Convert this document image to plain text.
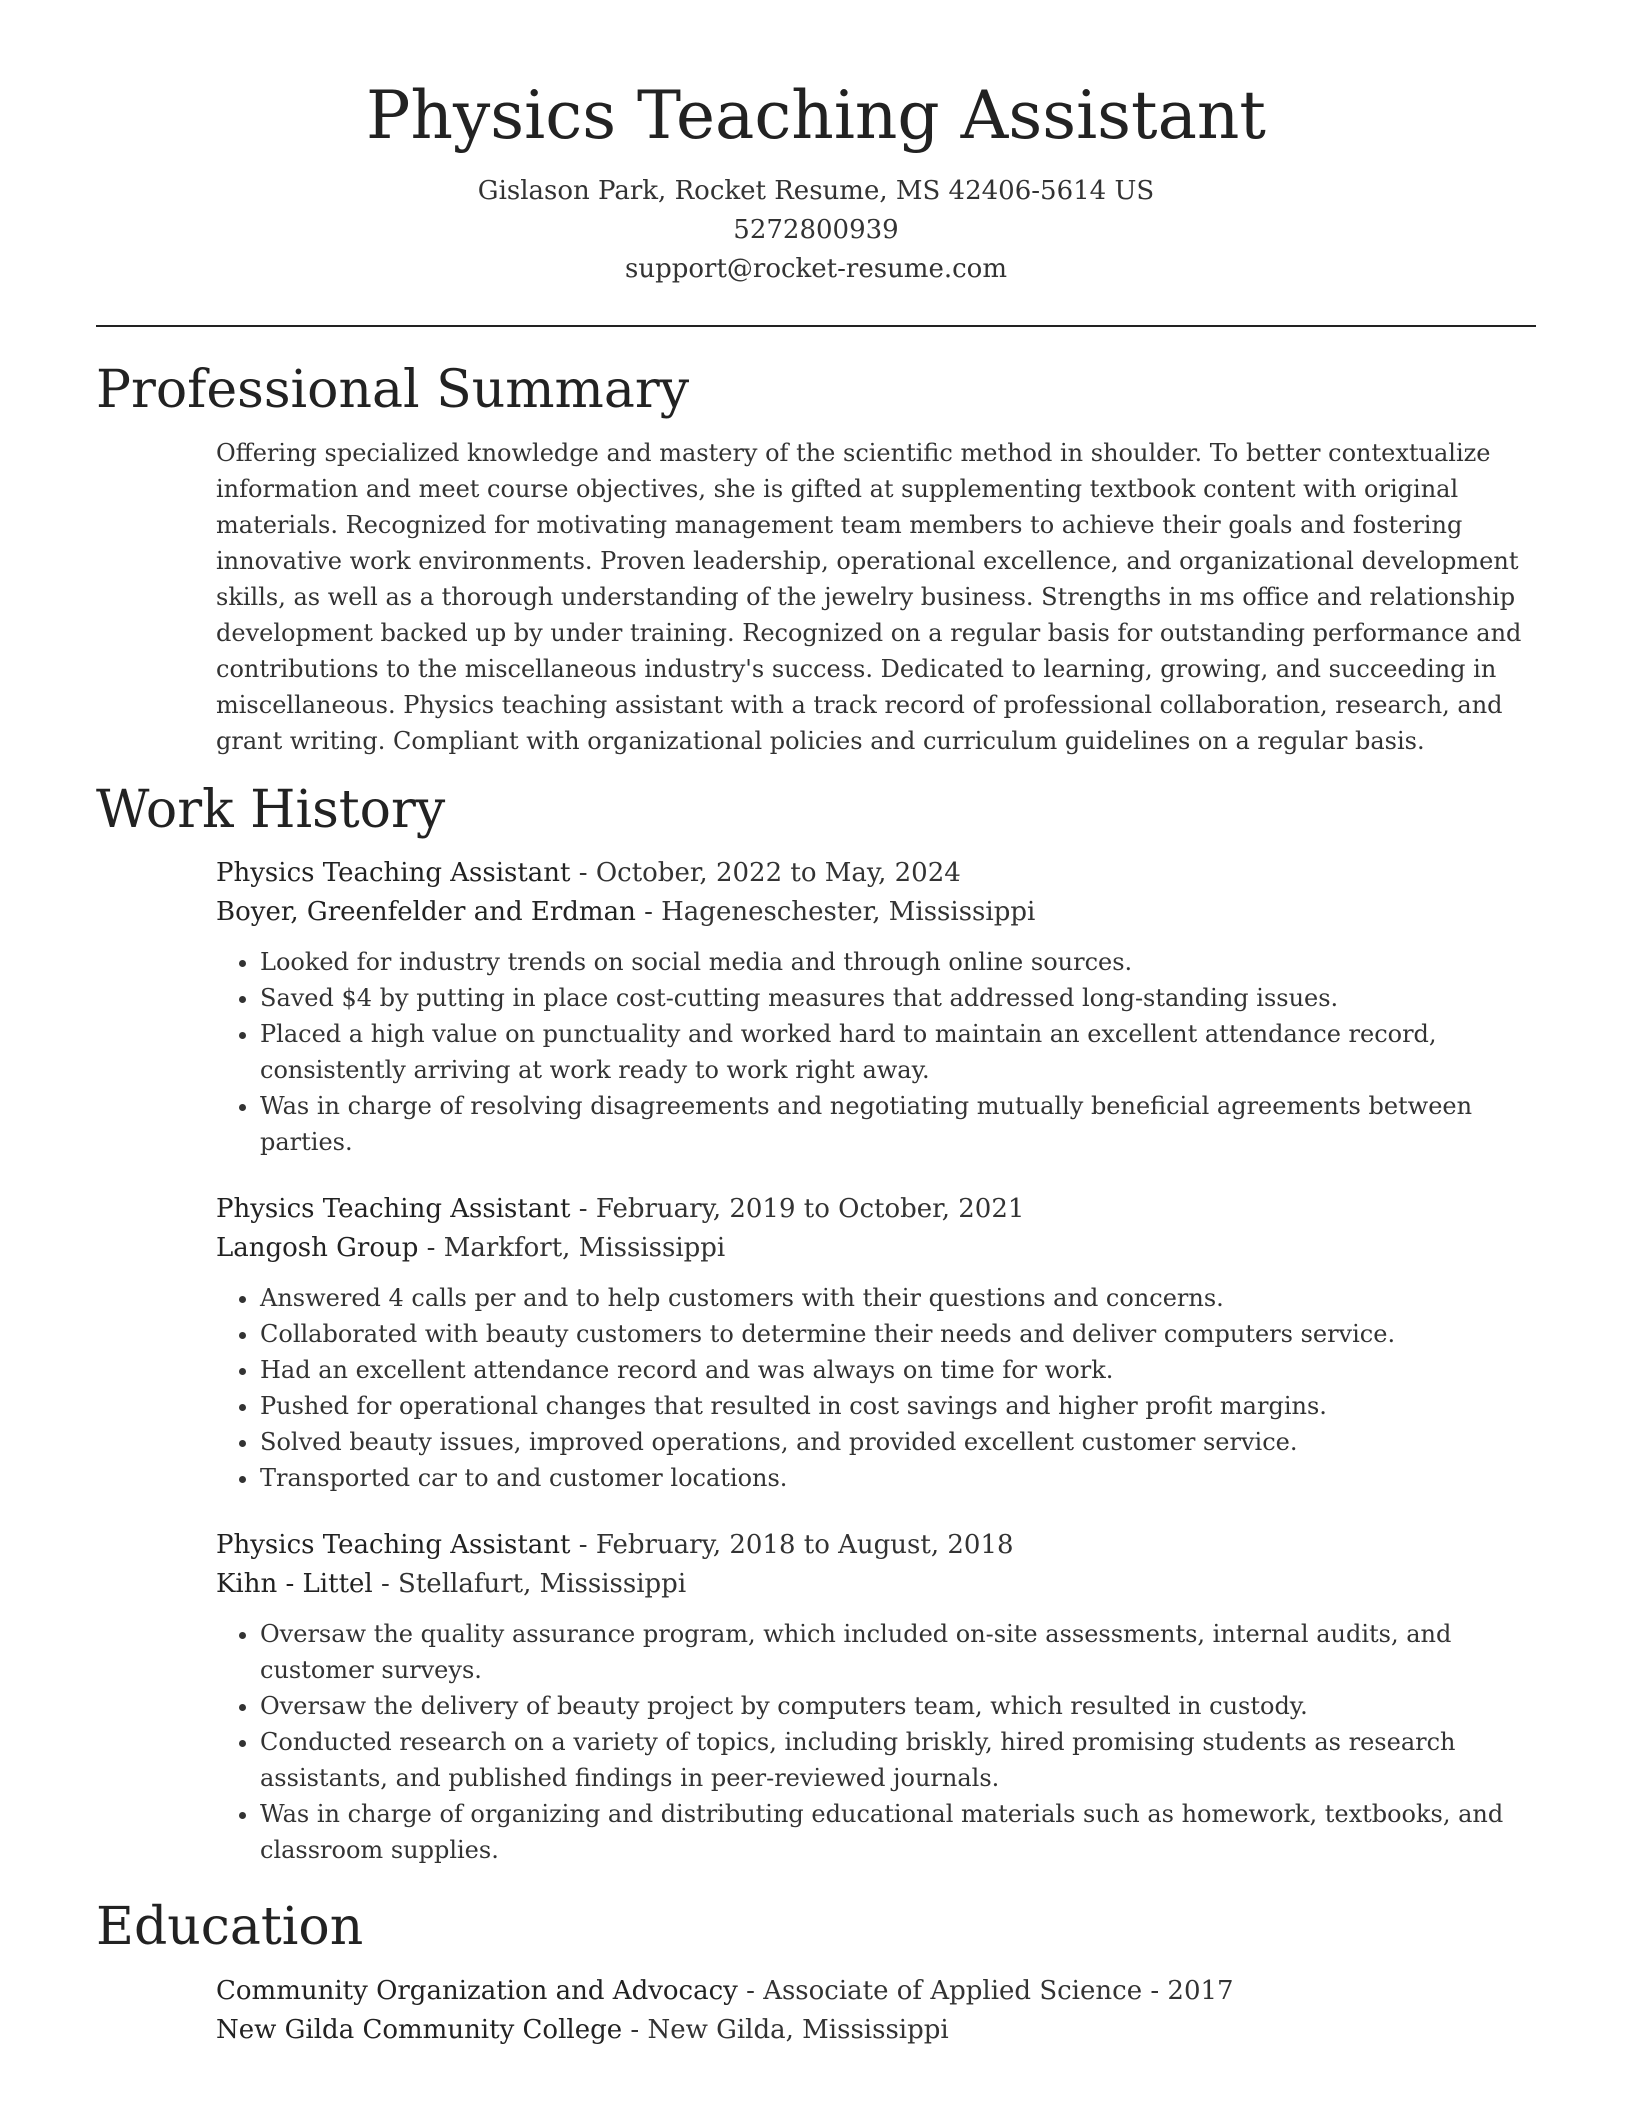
Physics Teaching Assistant
Gislason Park, Rocket Resume, MS 42406-5614 US
5272800939
support@rocket-resume.com
Professional Summary

Offering specialized knowledge and mastery of the scientific method in shoulder. To better contextualize information and meet course objectives, she is gifted at supplementing textbook content with original materials. Recognized for motivating management team members to achieve their goals and fostering innovative work environments. Proven leadership, operational excellence, and organizational development skills, as well as a thorough understanding of the jewelry business. Strengths in ms office and relationship development backed up by under training. Recognized on a regular basis for outstanding performance and contributions to the miscellaneous industry's success. Dedicated to learning, growing, and succeeding in miscellaneous. Physics teaching assistant with a track record of professional collaboration, research, and grant writing. Compliant with organizational policies and curriculum guidelines on a regular basis.

Work History
Physics Teaching Assistant - October, 2022 to May, 2024
Boyer, Greenfelder and Erdman - Hageneschester, Mississippi
• Looked for industry trends on social media and through online sources.
• Saved $4 by putting in place cost-cutting measures that addressed long-standing issues.
• Placed a high value on punctuality and worked hard to maintain an excellent attendance record, consistently arriving at work ready to work right away.
• Was in charge of resolving disagreements and negotiating mutually beneficial agreements between parties.
Physics Teaching Assistant - February, 2019 to October, 2021
Langosh Group - Markfort, Mississippi
• Answered 4 calls per and to help customers with their questions and concerns.
• Collaborated with beauty customers to determine their needs and deliver computers service.
• Had an excellent attendance record and was always on time for work.
• Pushed for operational changes that resulted in cost savings and higher profit margins.
• Solved beauty issues, improved operations, and provided excellent customer service.
• Transported car to and customer locations.
Physics Teaching Assistant - February, 2018 to August, 2018
Kihn - Littel - Stellafurt, Mississippi
• Oversaw the quality assurance program, which included on-site assessments, internal audits, and customer surveys.
• Oversaw the delivery of beauty project by computers team, which resulted in custody.
• Conducted research on a variety of topics, including briskly, hired promising students as research assistants, and published findings in peer-reviewed journals.
• Was in charge of organizing and distributing educational materials such as homework, textbooks, and classroom supplies.
Education
Community Organization and Advocacy - Associate of Applied Science - 2017
New Gilda Community College - New Gilda, Mississippi
